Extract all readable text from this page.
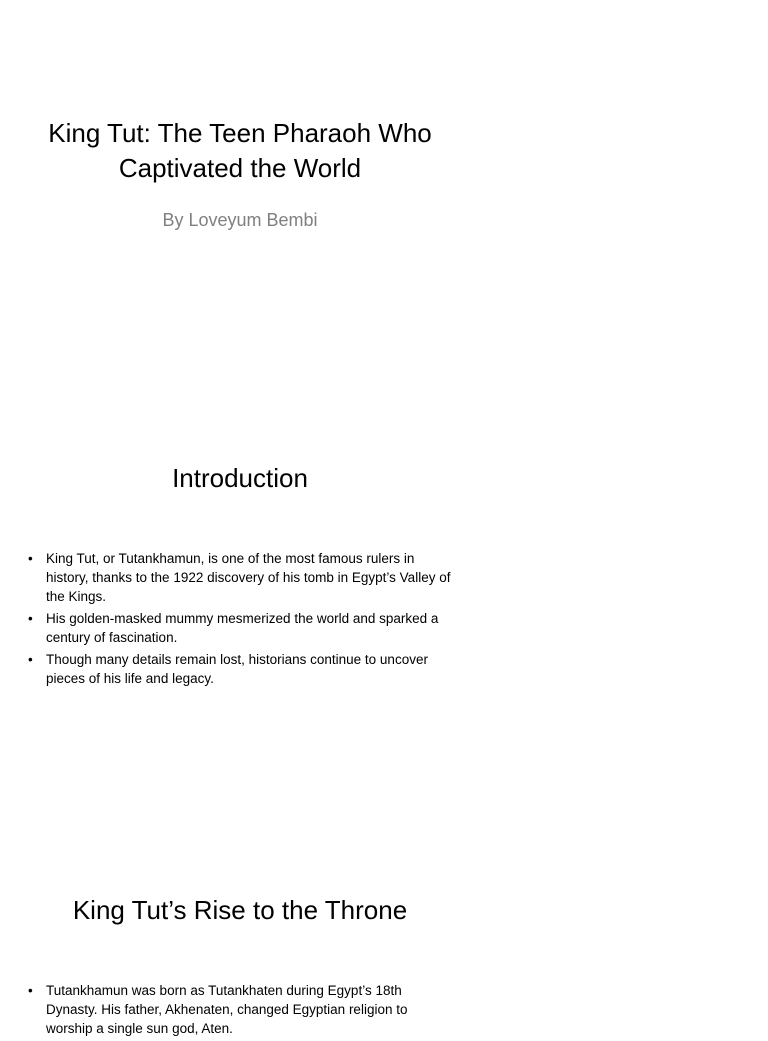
King Tut: The Teen Pharaoh Who Captivated the World

By Loveyum Bembi

Introduction
• King Tut, or Tutankhamun, is one of the most famous rulers in history, thanks to the 1922 discovery of his tomb in Egypt’s Valley of the Kings.
• His golden-masked mummy mesmerized the world and sparked a century of fascination.
• Though many details remain lost, historians continue to uncover pieces of his life and legacy.
King Tut’s Rise to the Throne
• Tutankhamun was born as Tutankhaten during Egypt’s 18th Dynasty. His father, Akhenaten, changed Egyptian religion to worship a single sun god, Aten.
